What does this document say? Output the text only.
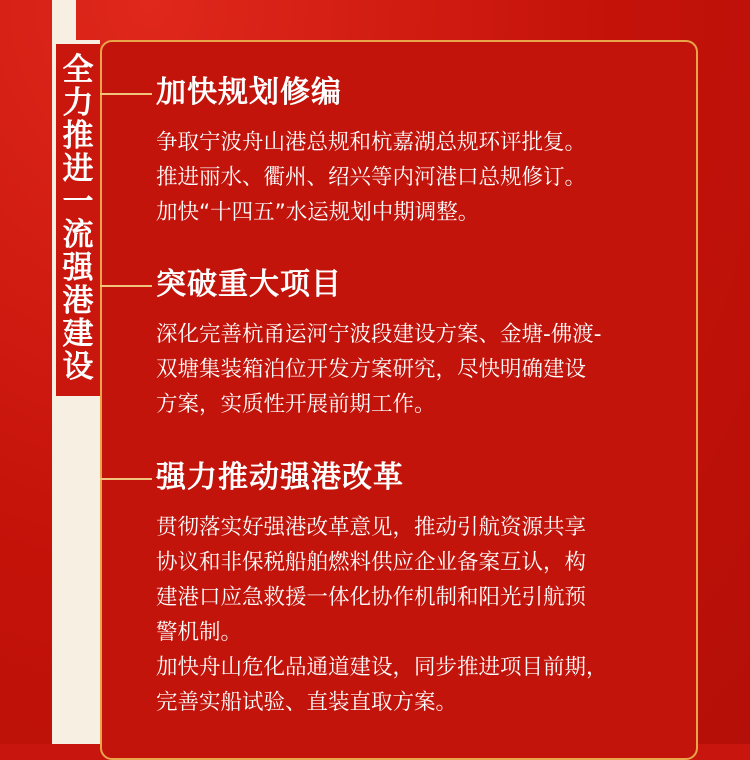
全
力
推
进
一
流
强
港
建
设
加快规划修编
争取宁波舟山港总规和杭嘉湖总规环评批复。
推进丽水、衢州、绍兴等内河港口总规修订。
加快“十四五”水运规划中期调整。
突破重大项目
深化完善杭甬运河宁波段建设方案、金塘-佛渡-
双塘集装箱泊位开发方案研究，尽快明确建设
方案，实质性开展前期工作。
强力推动强港改革
贯彻落实好强港改革意见，推动引航资源共享
协议和非保税船舶燃料供应企业备案互认，构
建港口应急救援一体化协作机制和阳光引航预
警机制。
加快舟山危化品通道建设，同步推进项目前期，
完善实船试验、直装直取方案。
